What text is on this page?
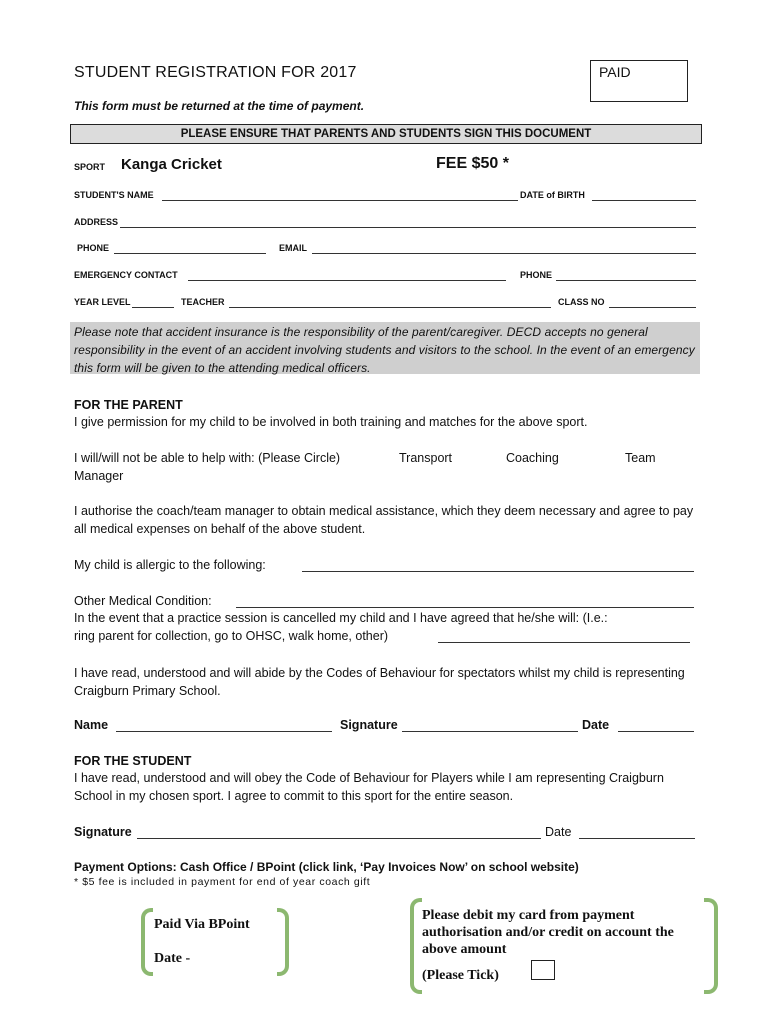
STUDENT REGISTRATION FOR 2017	PAID
This form must be returned at the time of payment.
PLEASE ENSURE THAT PARENTS AND STUDENTS SIGN THIS DOCUMENT
SPORT Kanga Cricket	FEE $50 *
STUDENT'S NAME	DATE of BIRTH
ADDRESS
PHONE	EMAIL
EMERGENCY CONTACT	PHONE
YEAR LEVEL	TEACHER	CLASS NO
Please note that accident insurance is the responsibility of the parent/caregiver. DECD accepts no general responsibility in the event of an accident involving students and visitors to the school. In the event of an emergency this form will be given to the attending medical officers.
FOR THE PARENT
I give permission for my child to be involved in both training and matches for the above sport.
I will/will not be able to help with: (Please Circle)	Transport	Coaching	Team
Manager
I authorise the coach/team manager to obtain medical assistance, which they deem necessary and agree to pay all medical expenses on behalf of the above student.
My child is allergic to the following:
Other Medical Condition:
In the event that a practice session is cancelled my child and I have agreed that he/she will: (I.e.:
ring parent for collection, go to OHSC, walk home, other)
I have read, understood and will abide by the Codes of Behaviour for spectators whilst my child is representing Craigburn Primary School.
Name	Signature	Date
FOR THE STUDENT
I have read, understood and will obey the Code of Behaviour for Players while I am representing Craigburn School in my chosen sport. I agree to commit to this sport for the entire season.
Signature	Date
Payment Options: Cash Office / BPoint (click link, ‘Pay Invoices Now’ on school website)
* $5 fee is included in payment for end of year coach gift
Paid Via BPoint
Date -
Please debit my card from payment authorisation and/or credit on account the above amount
(Please Tick)
